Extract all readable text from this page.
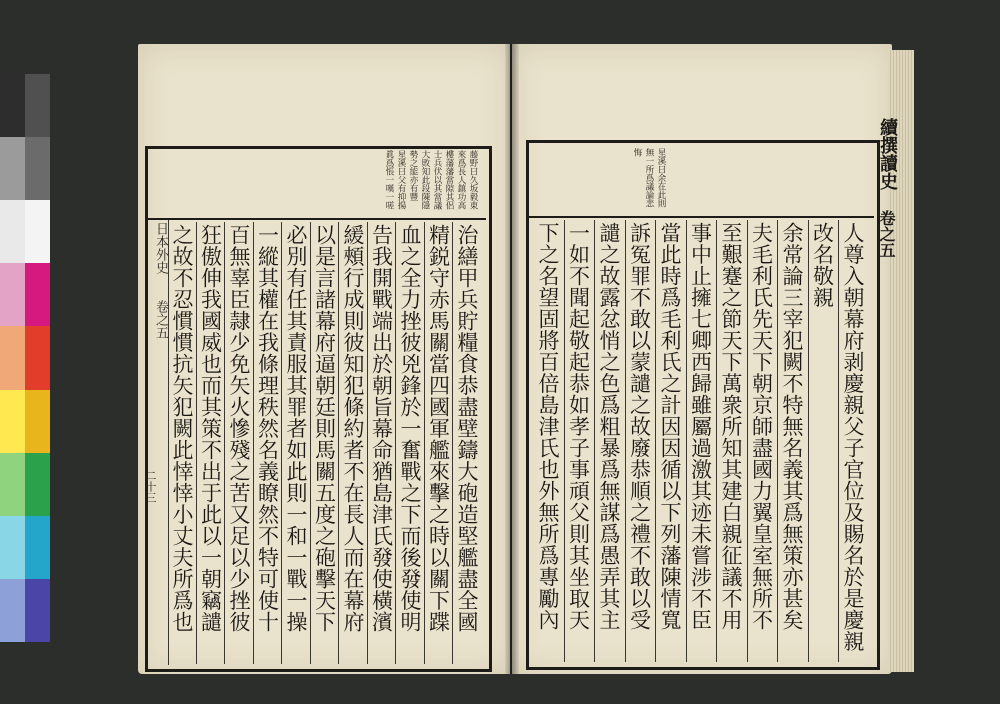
藤野曰久坂毅東
來爲長人鎮功高
樓藩藩當隙其侶
士兵伏以其當議
大敗知此段陳隱
勢之能亦有豐
星溪曰父有抑揚
眞爲悵一嘆一嗟
日本外史
卷之五	治繕甲兵貯糧食恭盡壁鑄大砲造堅艦盡全國
精鋭守赤馬關當四國軍艦來擊之時以關下蹀
血之全力挫彼兇鋒於一奮戰之下而後發使明
告我開戰端出於朝旨幕命猶島津氏發使橫濱
緩頰行成則彼知犯條約者不在長人而在幕府
以是言諸幕府逼朝廷則馬關五度之砲擊天下
必別有任其責服其罪者如此則一和一戰一操
一縱其權在我條理秩然名義瞭然不特可使十
百無辜臣隷少免矢火慘殘之苦又足以少挫彼
狂傲伸我國威也而其策不出于此以一朝竊譴
之故不忍慣慣抗矢犯闕此悻悻小丈夫所爲也
二十三
續撰讀史
卷之五
星溪曰余在此則
無一所爲議論悲
悔
人尊入朝幕府剥慶親父子官位及賜名於是慶親
改名敬親
余常論三宰犯闕不特無名義其爲無策亦甚矣
夫毛利氏先天下朝京師盡國力翼皇室無所不
至艱蹇之節天下萬衆所知其建白親征議不用
事中止擁七卿西歸雖屬過激其迹未嘗涉不臣
當此時爲毛利氏之計因因循以下列藩陳情寬
訴冤罪不敢以蒙譴之故廢恭順之禮不敢以受
譴之故露忿悄之色爲粗暴爲無謀爲愚弄其主
一如不聞起敬起恭如孝子事頑父則其坐取天
下之名望固將百倍島津氏也外無所爲專勵內
